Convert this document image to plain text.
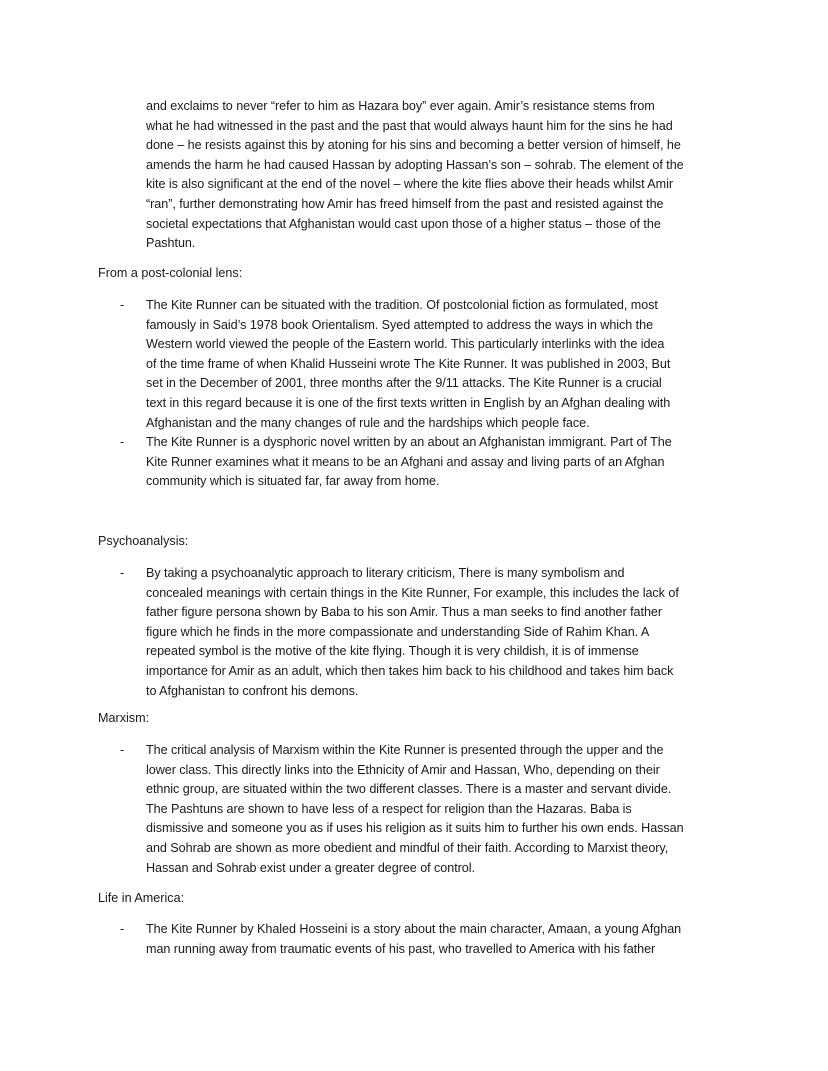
and exclaims to never “refer to him as Hazara boy” ever again. Amir’s resistance stems from
what he had witnessed in the past and the past that would always haunt him for the sins he had
done – he resists against this by atoning for his sins and becoming a better version of himself, he
amends the harm he had caused Hassan by adopting Hassan’s son – sohrab. The element of the
kite is also significant at the end of the novel – where the kite flies above their heads whilst Amir
“ran”, further demonstrating how Amir has freed himself from the past and resisted against the
societal expectations that Afghanistan would cast upon those of a higher status – those of the
Pashtun.
From a post-colonial lens:
- The Kite Runner can be situated with the tradition. Of postcolonial fiction as formulated, most
famously in Said’s 1978 book Orientalism. Syed attempted to address the ways in which the
Western world viewed the people of the Eastern world. This particularly interlinks with the idea
of the time frame of when Khalid Husseini wrote The Kite Runner. It was published in 2003, But
set in the December of 2001, three months after the 9/11 attacks. The Kite Runner is a crucial
text in this regard because it is one of the first texts written in English by an Afghan dealing with
Afghanistan and the many changes of rule and the hardships which people face.
- The Kite Runner is a dysphoric novel written by an about an Afghanistan immigrant. Part of The
Kite Runner examines what it means to be an Afghani and assay and living parts of an Afghan
community which is situated far, far away from home.
Psychoanalysis:
- By taking a psychoanalytic approach to literary criticism, There is many symbolism and
concealed meanings with certain things in the Kite Runner, For example, this includes the lack of
father figure persona shown by Baba to his son Amir. Thus a man seeks to find another father
figure which he finds in the more compassionate and understanding Side of Rahim Khan. A
repeated symbol is the motive of the kite flying. Though it is very childish, it is of immense
importance for Amir as an adult, which then takes him back to his childhood and takes him back
to Afghanistan to confront his demons.
Marxism:
- The critical analysis of Marxism within the Kite Runner is presented through the upper and the
lower class. This directly links into the Ethnicity of Amir and Hassan, Who, depending on their
ethnic group, are situated within the two different classes. There is a master and servant divide.
The Pashtuns are shown to have less of a respect for religion than the Hazaras. Baba is
dismissive and someone you as if uses his religion as it suits him to further his own ends. Hassan
and Sohrab are shown as more obedient and mindful of their faith. According to Marxist theory,
Hassan and Sohrab exist under a greater degree of control.
Life in America:
- The Kite Runner by Khaled Hosseini is a story about the main character, Amaan, a young Afghan
man running away from traumatic events of his past, who travelled to America with his father
